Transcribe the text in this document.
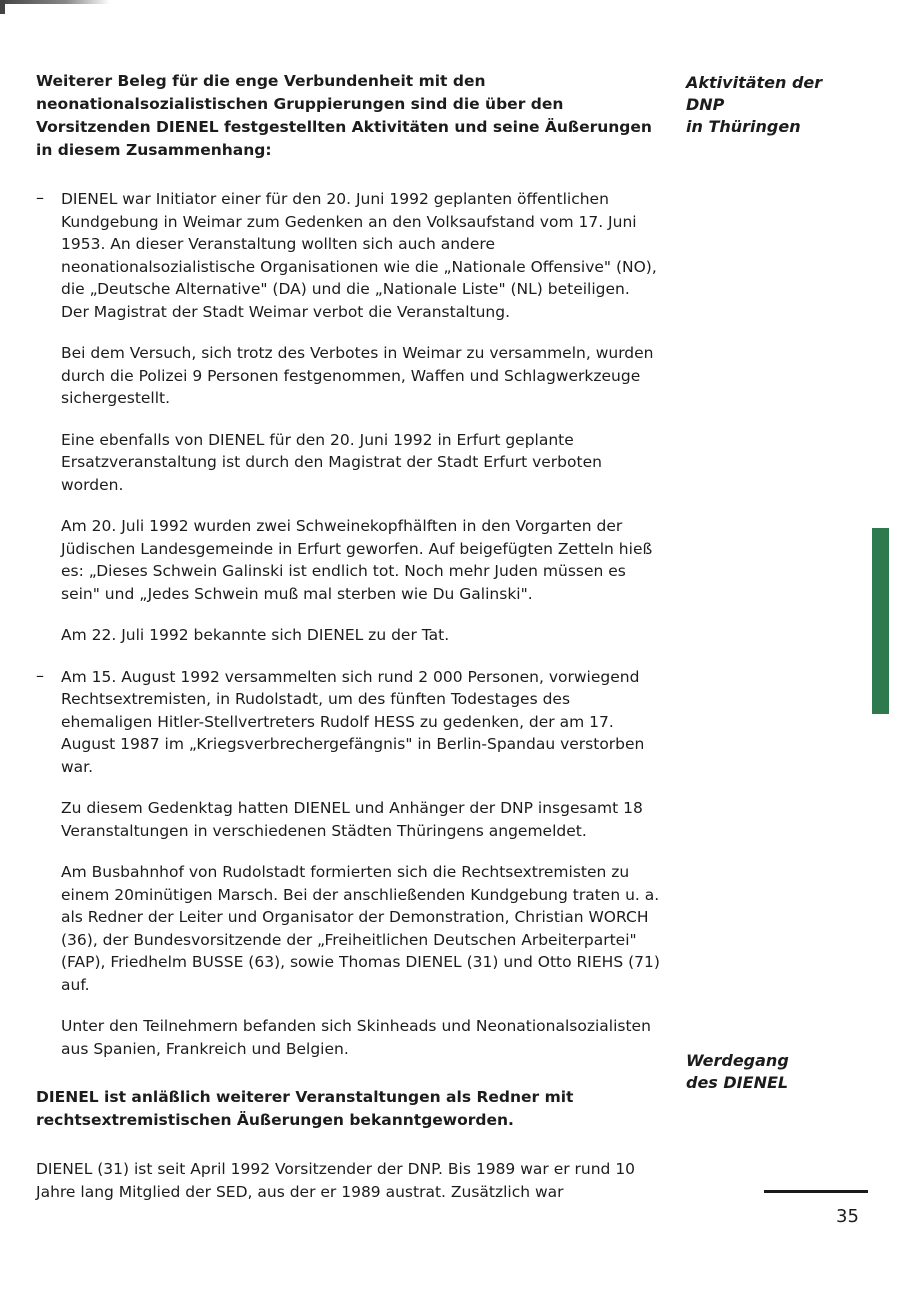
Weiterer Beleg für die enge Verbundenheit mit den neonationalsozialistischen Gruppierungen sind die über den Vorsitzenden DIENEL festgestellten Aktivitäten und seine Äußerungen in diesem Zusammenhang:

– DIENEL war Initiator einer für den 20. Juni 1992 geplanten öffentlichen Kundgebung in Weimar zum Gedenken an den Volksaufstand vom 17. Juni 1953. An dieser Veranstaltung wollten sich auch andere neonationalsozialistische Organisationen wie die „Nationale Offensive" (NO), die „Deutsche Alternative" (DA) und die „Nationale Liste" (NL) beteiligen. Der Magistrat der Stadt Weimar verbot die Veranstaltung.

Bei dem Versuch, sich trotz des Verbotes in Weimar zu versammeln, wurden durch die Polizei 9 Personen festgenommen, Waffen und Schlagwerkzeuge sichergestellt.

Eine ebenfalls von DIENEL für den 20. Juni 1992 in Erfurt geplante Ersatzveranstaltung ist durch den Magistrat der Stadt Erfurt verboten worden.

Am 20. Juli 1992 wurden zwei Schweinekopfhälften in den Vorgarten der Jüdischen Landesgemeinde in Erfurt geworfen. Auf beigefügten Zetteln hieß es: „Dieses Schwein Galinski ist endlich tot. Noch mehr Juden müssen es sein" und „Jedes Schwein muß mal sterben wie Du Galinski".

Am 22. Juli 1992 bekannte sich DIENEL zu der Tat.

– Am 15. August 1992 versammelten sich rund 2 000 Personen, vorwiegend Rechtsextremisten, in Rudolstadt, um des fünften Todestages des ehemaligen Hitler-Stellvertreters Rudolf HESS zu gedenken, der am 17. August 1987 im „Kriegsverbrechergefängnis" in Berlin-Spandau verstorben war.

Zu diesem Gedenktag hatten DIENEL und Anhänger der DNP insgesamt 18 Veranstaltungen in verschiedenen Städten Thüringens angemeldet.

Am Busbahnhof von Rudolstadt formierten sich die Rechtsextremisten zu einem 20minütigen Marsch. Bei der anschließenden Kundgebung traten u. a. als Redner der Leiter und Organisator der Demonstration, Christian WORCH (36), der Bundesvorsitzende der „Freiheitlichen Deutschen Arbeiterpartei" (FAP), Friedhelm BUSSE (63), sowie Thomas DIENEL (31) und Otto RIEHS (71) auf.

Unter den Teilnehmern befanden sich Skinheads und Neonationalsozialisten aus Spanien, Frankreich und Belgien.

DIENEL ist anläßlich weiterer Veranstaltungen als Redner mit rechtsextremistischen Äußerungen bekanntgeworden.

DIENEL (31) ist seit April 1992 Vorsitzender der DNP. Bis 1989 war er rund 10 Jahre lang Mitglied der SED, aus der er 1989 austrat. Zusätzlich war

Aktivitäten der DNP
in Thüringen
Werdegang
des DIENEL
35
